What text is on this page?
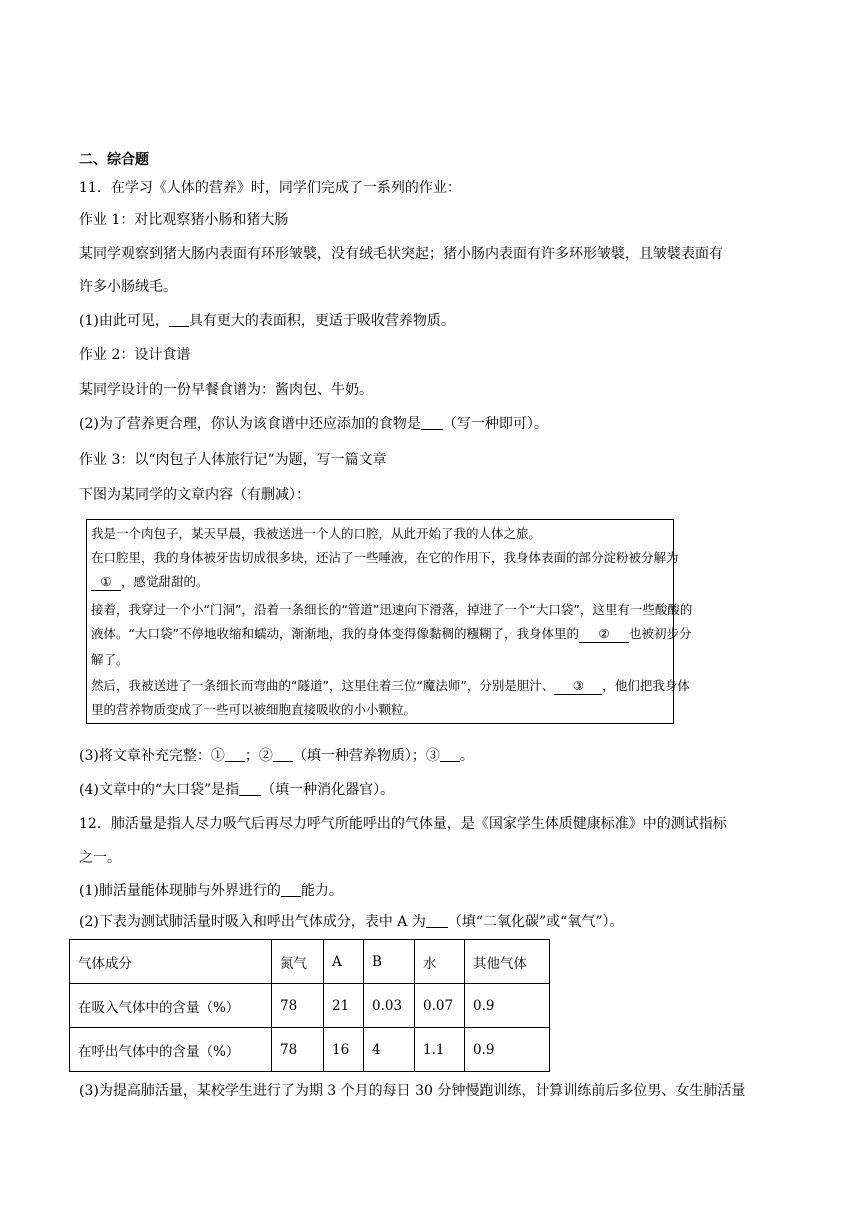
二、综合题
11．在学习《人体的营养》时，同学们完成了一系列的作业：
作业 1：对比观察猪小肠和猪大肠
某同学观察到猪大肠内表面有环形皱襞，没有绒毛状突起；猪小肠内表面有许多环形皱襞，且皱襞表面有
许多小肠绒毛。
(1)由此可见， 具有更大的表面积，更适于吸收营养物质。
作业 2：设计食谱
某同学设计的一份早餐食谱为：酱肉包、牛奶。
(2)为了营养更合理，你认为该食谱中还应添加的食物是 （写一种即可）。
作业 3：以“肉包子人体旅行记”为题，写一篇文章
下图为某同学的文章内容（有删减）：
我是一个肉包子，某天早晨，我被送进一个人的口腔，从此开始了我的人体之旅。
在口腔里，我的身体被牙齿切成很多块，还沾了一些唾液，在它的作用下，我身体表面的部分淀粉被分解为
① ，感觉甜甜的。
接着，我穿过一个小“门洞”，沿着一条细长的“管道”迅速向下滑落，掉进了一个“大口袋”，这里有一些酸酸的
液体。“大口袋”不停地收缩和蠕动，渐渐地，我的身体变得像黏稠的糨糊了，我身体里的 ② 也被初步分
解了。
然后，我被送进了一条细长而弯曲的“隧道”，这里住着三位“魔法师”，分别是胆汁、 ③ ，他们把我身体
里的营养物质变成了一些可以被细胞直接吸收的小小颗粒。
(3)将文章补充完整：① ；② （填一种营养物质）；③ 。
(4)文章中的“大口袋”是指 （填一种消化器官）。
12．肺活量是指人尽力吸气后再尽力呼气所能呼出的气体量，是《国家学生体质健康标准》中的测试指标
之一。
(1)肺活量能体现肺与外界进行的 能力。
(2)下表为测试肺活量时吸入和呼出气体成分，表中 A 为 （填“二氧化碳”或“氧气”）。
气体成分	氮气	A	B	水	其他气体
在吸入气体中的含量（%）	78	21	0.03	0.07	0.9
在呼出气体中的含量（%）	78	16	4	1.1	0.9
(3)为提高肺活量，某校学生进行了为期 3 个月的每日 30 分钟慢跑训练，计算训练前后多位男、女生肺活量
